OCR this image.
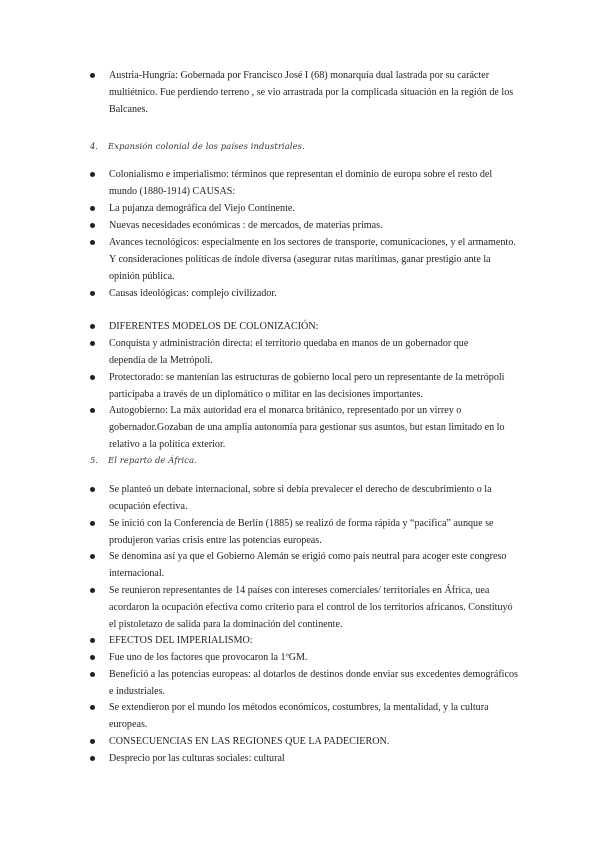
Austria-Hungría: Gobernada por Francisco José I (68) monarquía dual lastrada por su carácter
multiétnico. Fue perdiendo terreno , se vio arrastrada por la complicada situación en la región de los
Balcanes.
4. Expansión colonial de los países industriales.
Colonialismo e imperialismo: términos que representan el dominio de europa sobre el resto del
mundo (1880-1914) CAUSAS:
La pujanza demográfica del Viejo Continente.
Nuevas necesidades económicas : de mercados, de materias primas.
Avances tecnológicos: especialmente en los sectores de transporte, comunicaciones, y el armamento.
Y consideraciones políticas de índole diversa (asegurar rutas marítimas, ganar prestigio ante la
opinión pública.
Causas ideológicas: complejo civilizador.
DIFERENTES MODELOS DE COLONIZACIÓN:
Conquista y administración directa: el territorio quedaba en manos de un gobernador que
dependía de la Metrópoli.
Protectorado: se mantenían las estructuras de gobierno local pero un representante de la metrópoli
participaba a través de un diplomático o militar en las decisiones importantes.
Autogobierno: La máx autoridad era el monarca británico, representado por un virrey o
gobernador.Gozaban de una amplia autonomía para gestionar sus asuntos, but estan limitado en lo
relativo a la política exterior.
5. El reparto de África.
Se planteó un debate internacional, sobre si debía prevalecer el derecho de descubrimiento o la
ocupación efectiva.
Se inició con la Conferencia de Berlín (1885) se realizó de forma rápida y “pacífica” aunque se
produjeron varias crisis entre las potencias europeas.
Se denomina así ya que el Gobierno Alemán se erigió como país neutral para acoger este congreso
internacional.
Se reunieron representantes de 14 países con intereses comerciales/ territoriales en África, uea
acordaron la ocupación efectiva como criterio para el control de los territorios africanos. Constituyó
el pistoletazo de salida para la dominación del continente.
EFECTOS DEL IMPERIALISMO:
Fue uno de los factores que provocaron la 1ºGM.
Benefició a las potencias europeas: al dotarlos de destinos donde enviar sus excedentes demográficos
e industriales.
Se extendieron por el mundo los métodos económicos, costumbres, la mentalidad, y la cultura
europeas.
CONSECUENCIAS EN LAS REGIONES QUE LA PADECIERON.
Desprecio por las culturas sociales: cultural
